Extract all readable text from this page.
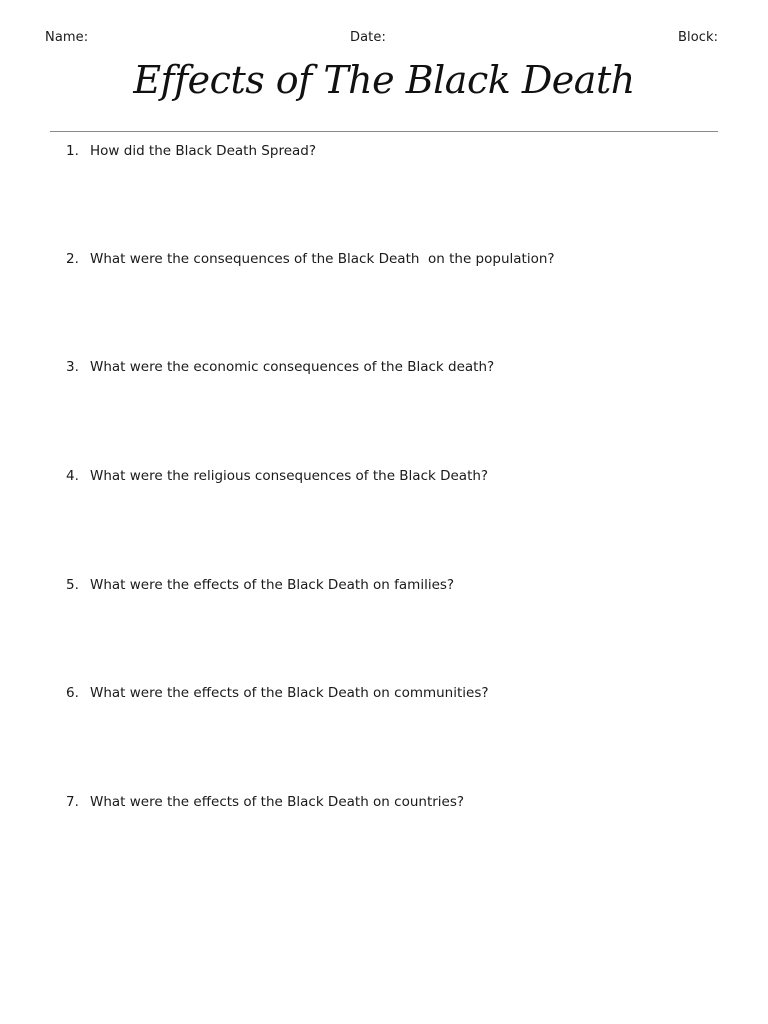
Name:	Date:	Block:
Effects of The Black Death
1. How did the Black Death Spread?
2. What were the consequences of the Black Death  on the population?
3. What were the economic consequences of the Black death?
4. What were the religious consequences of the Black Death?
5. What were the effects of the Black Death on families?
6. What were the effects of the Black Death on communities?
7. What were the effects of the Black Death on countries?
